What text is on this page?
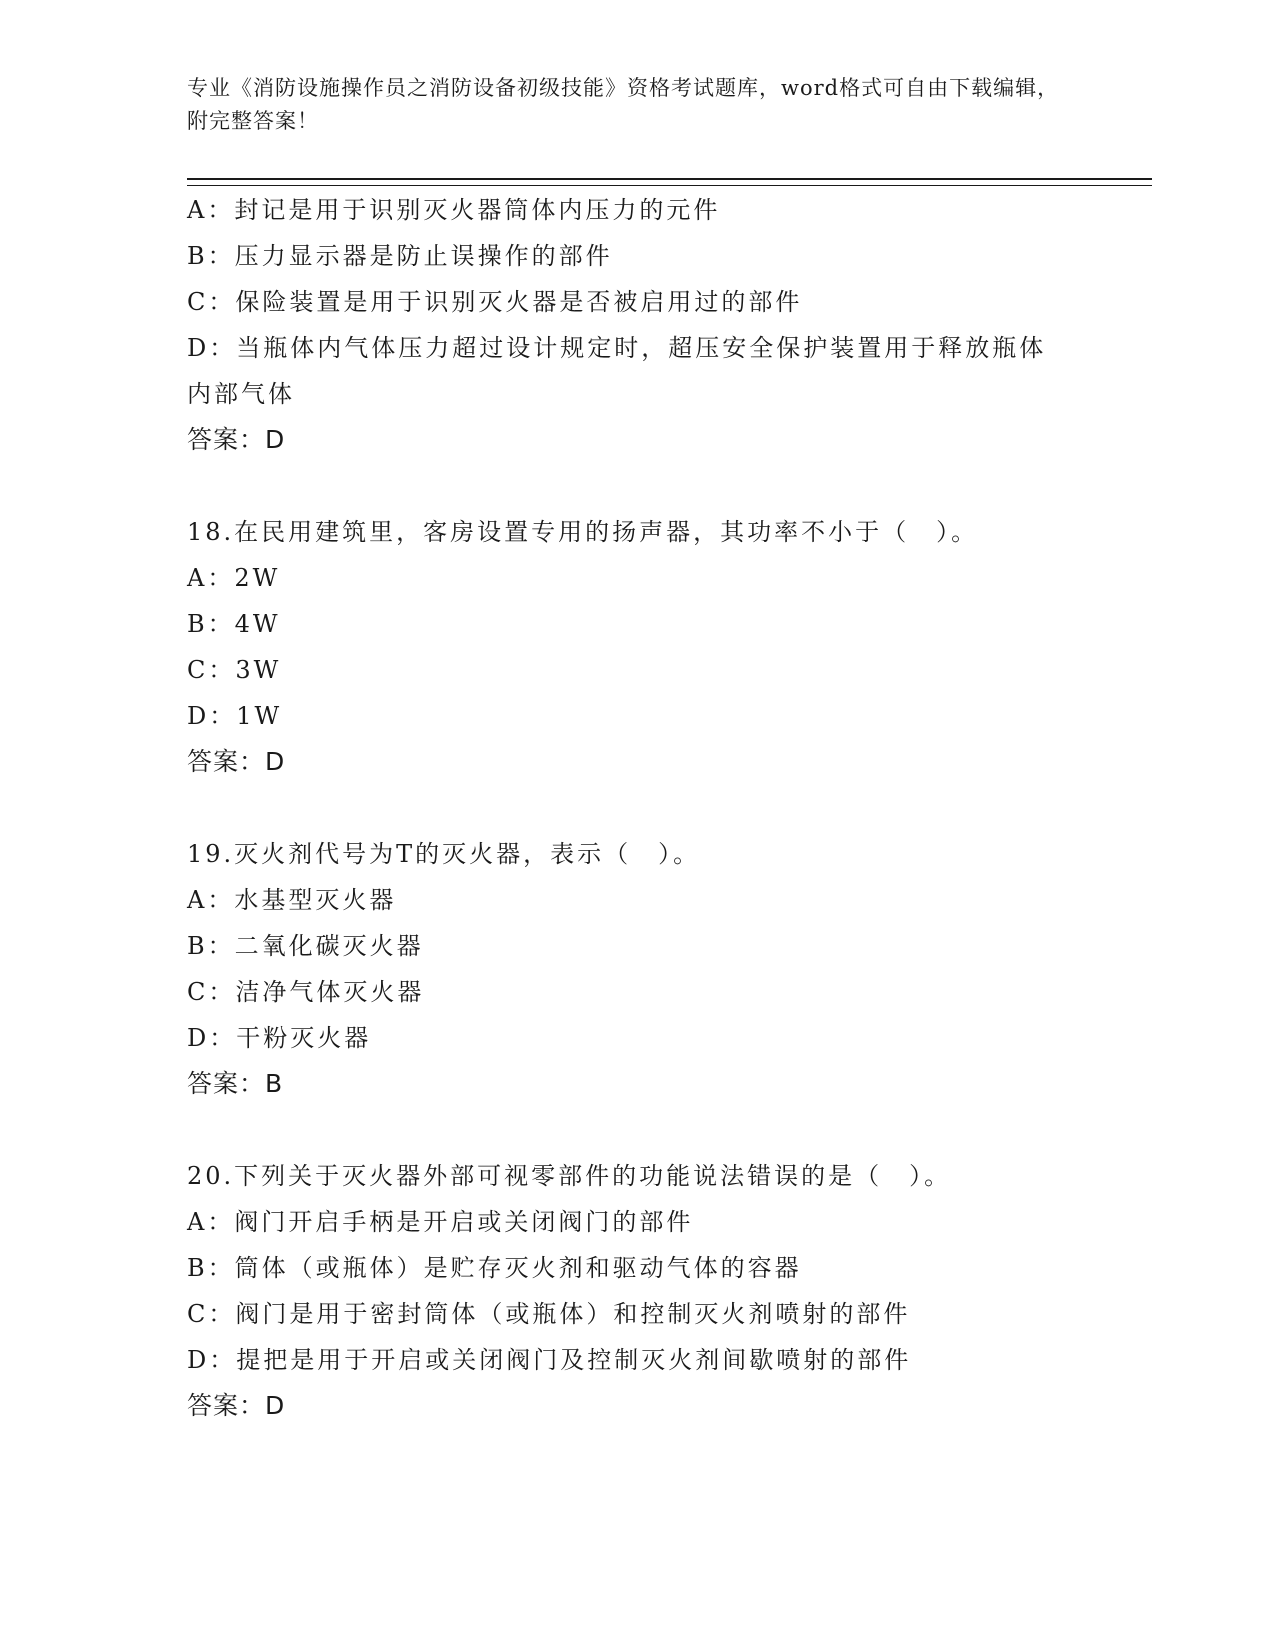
专业《消防设施操作员之消防设备初级技能》资格考试题库，word格式可自由下载编辑，附完整答案！
A：封记是用于识别灭火器筒体内压力的元件
B：压力显示器是防止误操作的部件
C：保险装置是用于识别灭火器是否被启用过的部件
D：当瓶体内气体压力超过设计规定时，超压安全保护装置用于释放瓶体内部气体
答案：D
18.在民用建筑里，客房设置专用的扬声器，其功率不小于（　）。
A：2W
B：4W
C：3W
D：1W
答案：D
19.灭火剂代号为T的灭火器，表示（　）。
A：水基型灭火器
B：二氧化碳灭火器
C：洁净气体灭火器
D：干粉灭火器
答案：B
20.下列关于灭火器外部可视零部件的功能说法错误的是（　）。
A：阀门开启手柄是开启或关闭阀门的部件
B：筒体（或瓶体）是贮存灭火剂和驱动气体的容器
C：阀门是用于密封筒体（或瓶体）和控制灭火剂喷射的部件
D：提把是用于开启或关闭阀门及控制灭火剂间歇喷射的部件
答案：D
